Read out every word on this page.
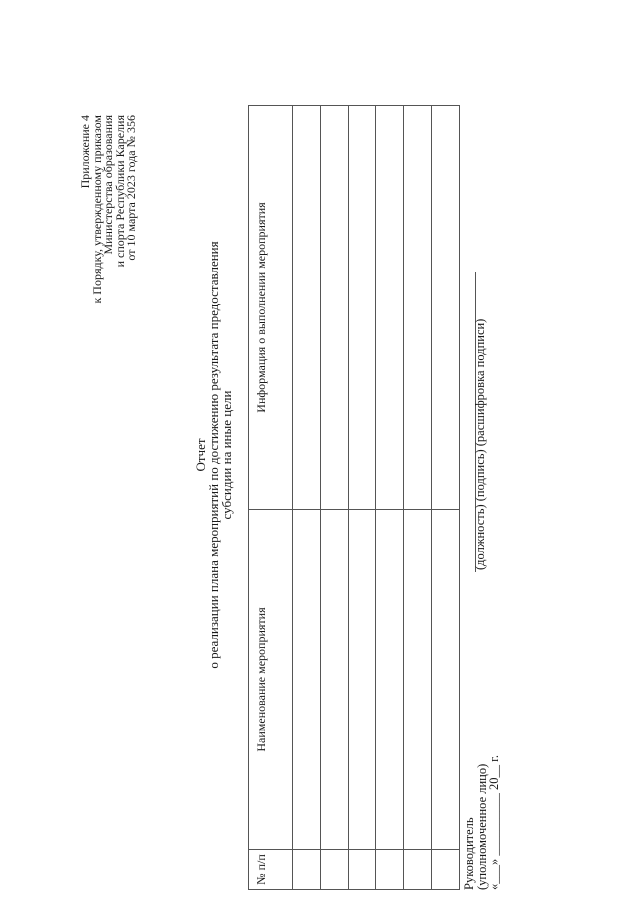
Приложение 4
к Порядку, утвержденному приказом
Министерства образования
и спорта Республики Карелия
от 10 марта 2023 года № 356
Отчет
о реализации плана мероприятий по достижению результата предоставления
субсидии на иные цели
№ п/п	Наименование мероприятия	Информация о выполнении мероприятия

Руководитель
(уполномоченное лицо)
«___» __________ 20__ г.
(должность) (подпись) (расшифровка подписи)
